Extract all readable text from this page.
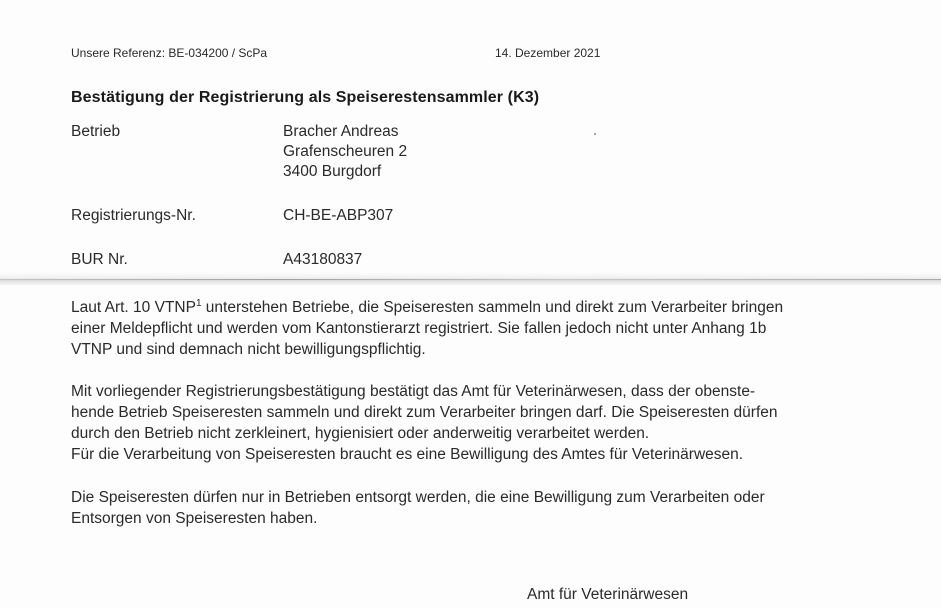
Unsere Referenz: BE-034200 / ScPa	14. Dezember 2021
Bestätigung der Registrierung als Speiserestensammler (K3)
Betrieb	Bracher Andreas
Grafenscheuren 2
3400 Burgdorf
Registrierungs-Nr.	CH-BE-ABP307
BUR Nr.	A43180837
Laut Art. 10 VTNP$^1$ unterstehen Betriebe, die Speiseresten sammeln und direkt zum Verarbeiter bringen
einer Meldepflicht und werden vom Kantonstierarzt registriert. Sie fallen jedoch nicht unter Anhang 1b
VTNP und sind demnach nicht bewilligungspflichtig.
Mit vorliegender Registrierungsbestätigung bestätigt das Amt für Veterinärwesen, dass der obenste-
hende Betrieb Speiseresten sammeln und direkt zum Verarbeiter bringen darf. Die Speiseresten dürfen
durch den Betrieb nicht zerkleinert, hygienisiert oder anderweitig verarbeitet werden.
Für die Verarbeitung von Speiseresten braucht es eine Bewilligung des Amtes für Veterinärwesen.
Die Speiseresten dürfen nur in Betrieben entsorgt werden, die eine Bewilligung zum Verarbeiten oder
Entsorgen von Speiseresten haben.
Amt für Veterinärwesen
